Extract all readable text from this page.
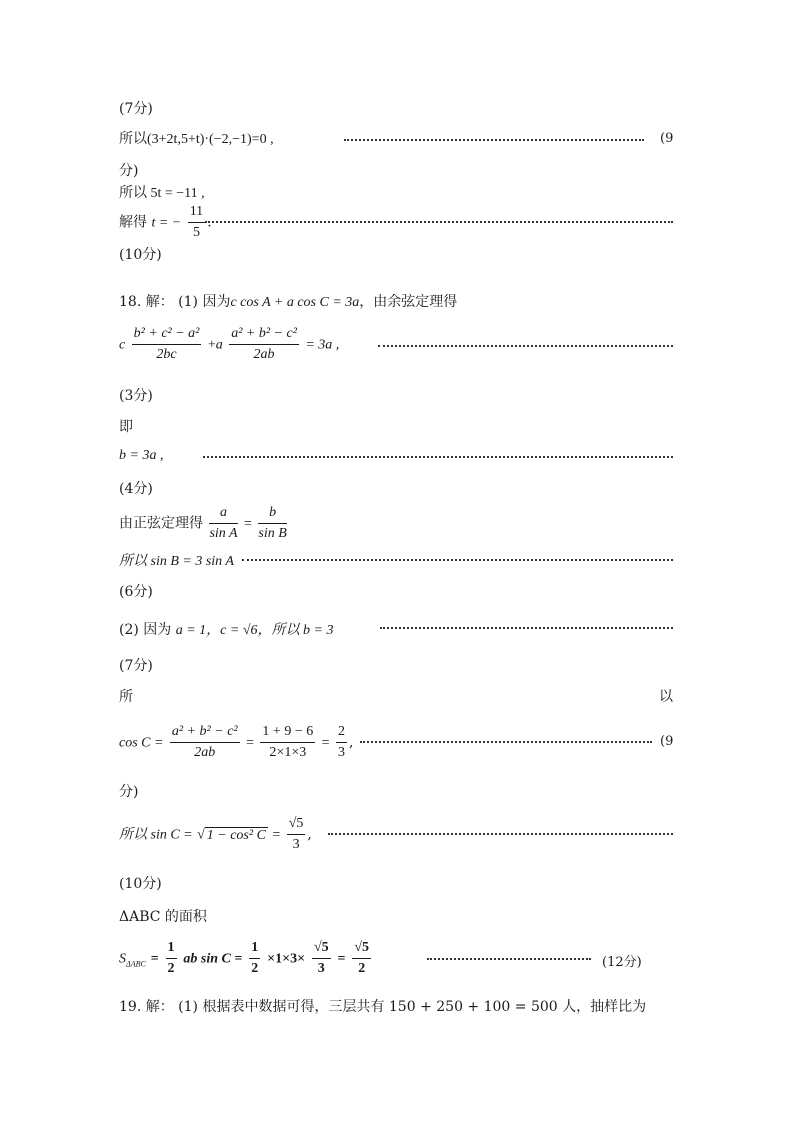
(7分)
所以(3+2t,5+t)·(−2,−1)=0 ,	(9
分)
所以 5t = −11 ,
解得 t = − $\frac{11}{5}$ .
(10分)
18. 解： (1) 因为c cos A + a cos C = 3a，由余弦定理得
c $\frac{\text{b² + c² − a²}}{2bc} +a \frac{\text{a² + b² − c²}}{2ab} = 3a$ ,
(3分)
即
b = 3a ,
(4分)
由正弦定理得 $\frac{a}{\text{sin A}} = \frac{b}{\text{sin B}}$
所以 sin B = 3 sin A
(6分)
(2) 因为 a = 1，c = √6，所以 b = 3
(7分)
所	以
$\cos C = \frac{\text{a² + b² − c²}}{2ab} = \frac{1 + 9 - 6}{2\times 1\times 3} = \frac{2}{3}$ ,	(9
分)
所以 sin C = √ 1 − cos² $C = \frac{√5}{3}$ ,
(10分)
ΔABC 的面积
$S_{\Delta ABC} = \frac{1}{2}$ ab $\sin C = \frac{1}{2} \times 1\times 3\times \frac{√5}{3} = \frac{√5}{2}$	(12分)
19. 解： (1) 根据表中数据可得，三层共有 150 + 250 + 100 = 500 人，抽样比为
